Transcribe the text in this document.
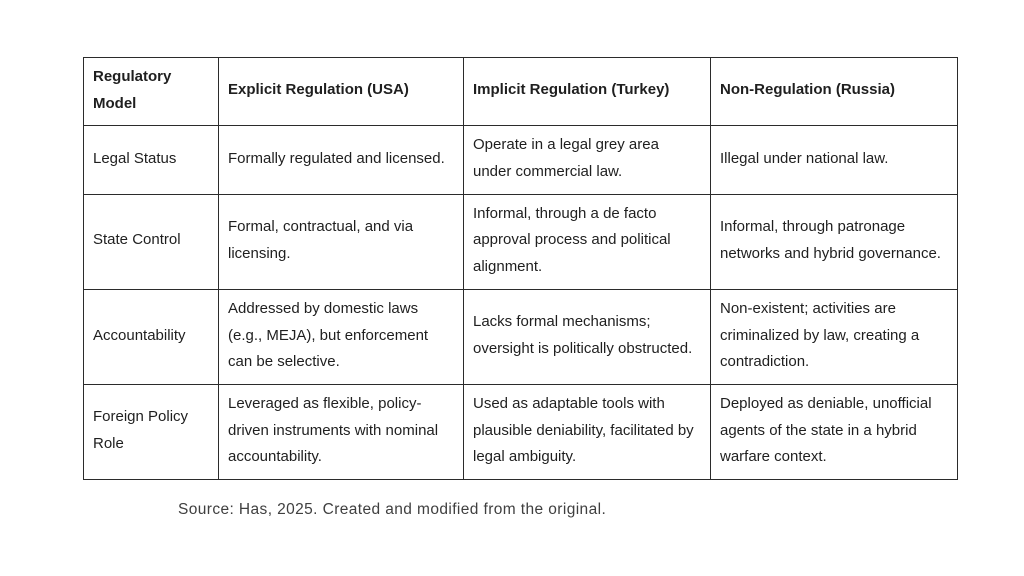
Regulatory Model	Explicit Regulation (USA)	Implicit Regulation (Turkey)	Non-Regulation (Russia)
Legal Status	Formally regulated and licensed.	Operate in a legal grey area under commercial law.	Illegal under national law.
State Control	Formal, contractual, and via licensing.	Informal, through a de facto approval process and political alignment.	Informal, through patronage networks and hybrid governance.
Accountability	Addressed by domestic laws (e.g., MEJA), but enforcement can be selective.	Lacks formal mechanisms; oversight is politically obstructed.	Non-existent; activities are criminalized by law, creating a contradiction.
Foreign Policy Role	Leveraged as flexible, policy-driven instruments with nominal accountability.	Used as adaptable tools with plausible deniability, facilitated by legal ambiguity.	Deployed as deniable, unofficial agents of the state in a hybrid warfare context.
Source: Has, 2025. Created and modified from the original.
